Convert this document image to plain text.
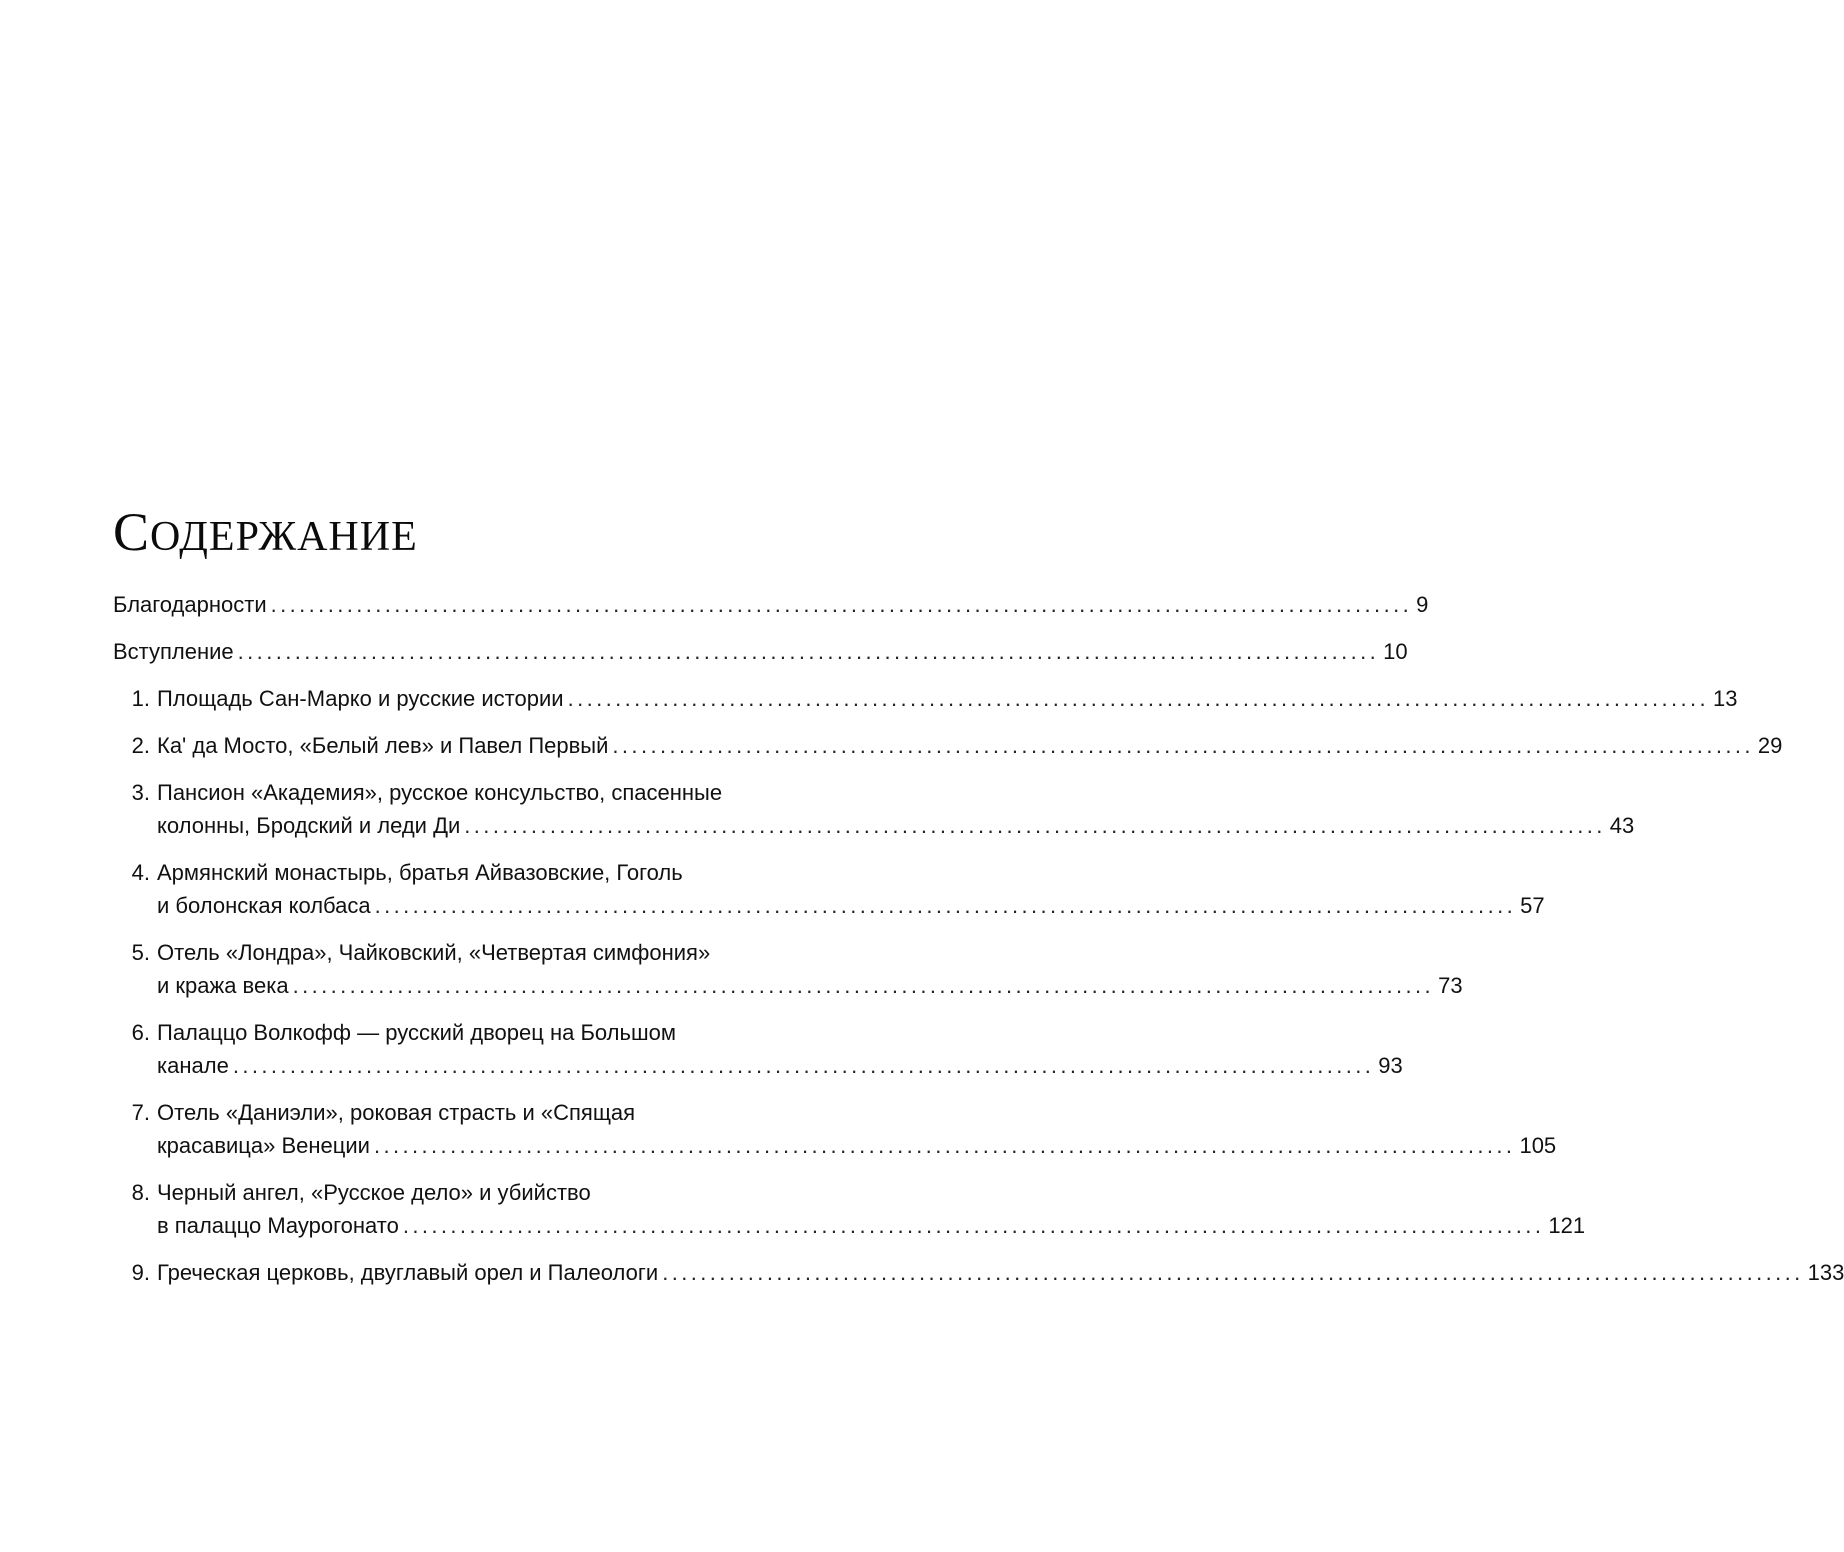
СОДЕРЖАНИЕ
Благодарности ........................................................................................................................ 9
Вступление ........................................................................................................................ 10
1. Площадь Сан-Марко и русские истории ........................................................................................................................ 13
2. Ка' да Мосто, «Белый лев» и Павел Первый ........................................................................................................................ 29
3. Пансион «Академия», русское консульство, спасенные
колонны, Бродский и леди Ди ........................................................................................................................ 43
4. Армянский монастырь, братья Айвазовские, Гоголь
и болонская колбаса ........................................................................................................................ 57
5. Отель «Лондра», Чайковский, «Четвертая симфония»
и кража века ........................................................................................................................ 73
6. Палаццо Волкофф — русский дворец на Большом
канале ........................................................................................................................ 93
7. Отель «Даниэли», роковая страсть и «Спящая
красавица» Венеции ........................................................................................................................ 105
8. Черный ангел, «Русское дело» и убийство
в палаццо Маурогонато ........................................................................................................................ 121
9. Греческая церковь, двуглавый орел и Палеологи ........................................................................................................................ 133
